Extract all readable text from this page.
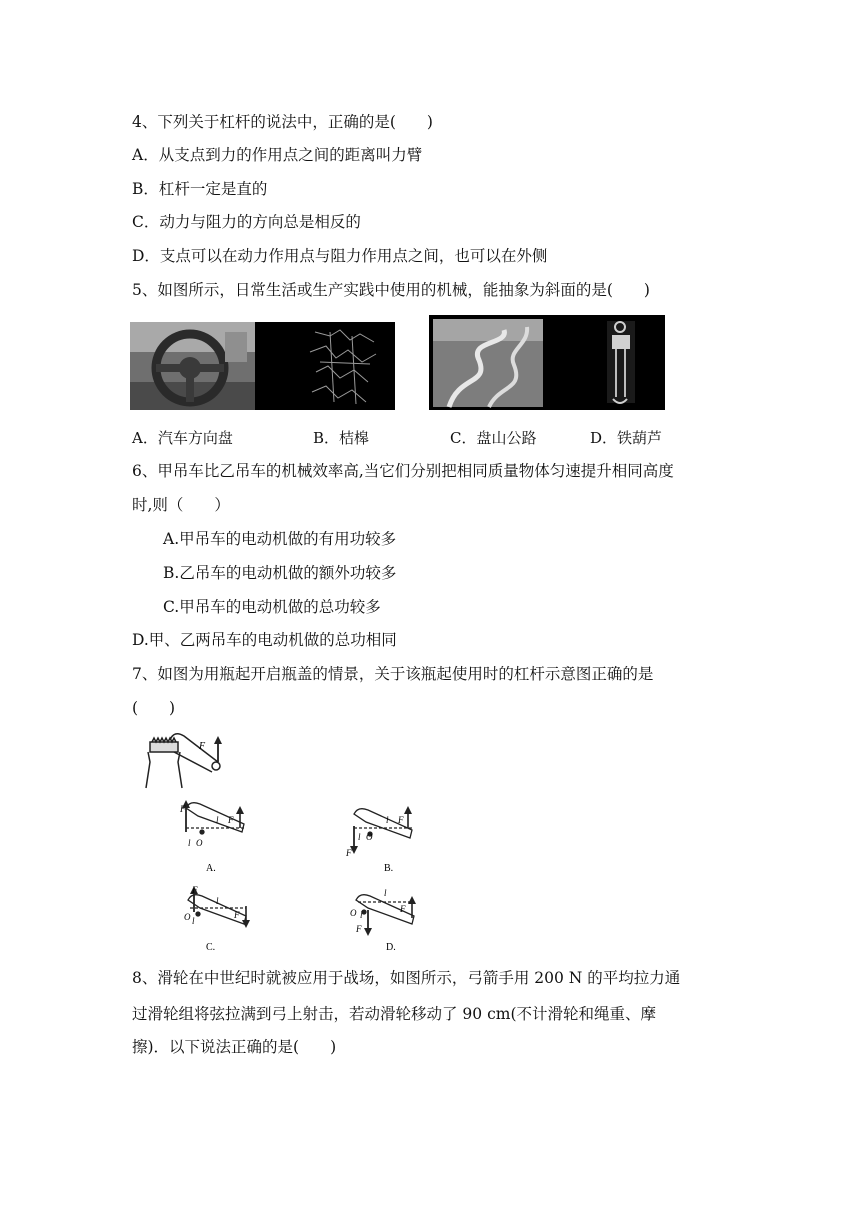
4、下列关于杠杆的说法中，正确的是(　　)
A．从支点到力的作用点之间的距离叫力臂
B．杠杆一定是直的
C．动力与阻力的方向总是相反的
D．支点可以在动力作用点与阻力作用点之间，也可以在外侧
5、如图所示，日常生活或生产实践中使用的机械，能抽象为斜面的是(　　)
A．汽车方向盘	B．桔槔	C．盘山公路	D．铁葫芦
6、甲吊车比乙吊车的机械效率高,当它们分别把相同质量物体匀速提升相同高度
时,则（　　）
A.甲吊车的电动机做的有用功较多
B.乙吊车的电动机做的额外功较多
C.甲吊车的电动机做的总功较多
D.甲、乙两吊车的电动机做的总功相同
7、如图为用瓶起开启瓶盖的情景，关于该瓶起使用时的杠杆示意图正确的是
(　　)
F
F
F
l
l O
A.
F
l
l O
F
B.
F
l
F
O l
C.
l
F
O l
F
D.
8、滑轮在中世纪时就被应用于战场，如图所示，弓箭手用 200 N 的平均拉力通
过滑轮组将弦拉满到弓上射击，若动滑轮移动了 90 cm(不计滑轮和绳重、摩
擦)．以下说法正确的是(　　)
